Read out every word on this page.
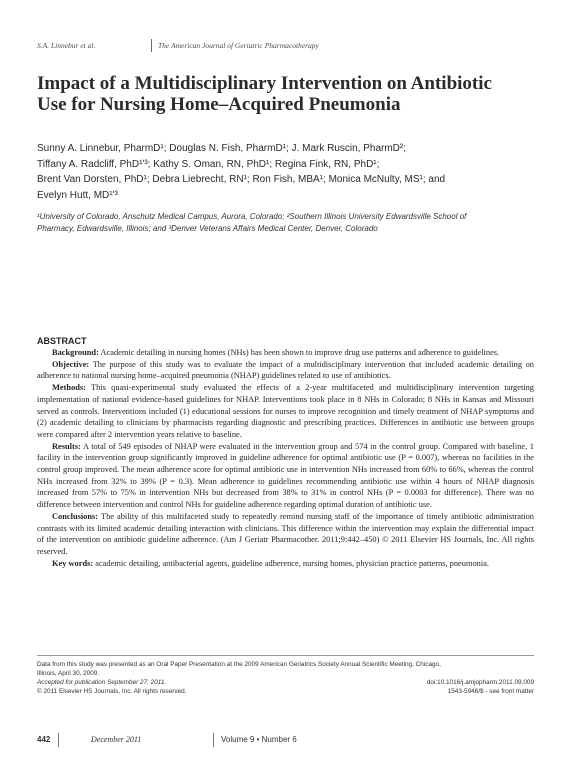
S.A. Linnebur et al.	The American Journal of Geriatric Pharmacotherapy
Impact of a Multidisciplinary Intervention on Antibiotic
Use for Nursing Home–Acquired Pneumonia
Sunny A. Linnebur, PharmD¹; Douglas N. Fish, PharmD¹; J. Mark Ruscin, PharmD²;
Tiffany A. Radcliff, PhD¹ʹ³; Kathy S. Oman, RN, PhD¹; Regina Fink, RN, PhD¹;
Brent Van Dorsten, PhD¹; Debra Liebrecht, RN¹; Ron Fish, MBA¹; Monica McNulty, MS¹; and
Evelyn Hutt, MD¹ʹ³
¹University of Colorado, Anschutz Medical Campus, Aurora, Colorado; ²Southern Illinois University Edwardsville School of
Pharmacy, Edwardsville, Illinois; and ³Denver Veterans Affairs Medical Center, Denver, Colorado
ABSTRACT

Background: Academic detailing in nursing homes (NHs) has been shown to improve drug use patterns and adherence to guidelines.

Objective: The purpose of this study was to evaluate the impact of a multidisciplinary intervention that included academic detailing on adherence to national nursing home–acquired pneumonia (NHAP) guidelines related to use of antibiotics.

Methods: This quasi-experimental study evaluated the effects of a 2-year multifaceted and multidisciplinary intervention targeting implementation of national evidence-based guidelines for NHAP. Interventions took place in 8 NHs in Colorado; 8 NHs in Kansas and Missouri served as controls. Interventions included (1) educational sessions for nurses to improve recognition and timely treatment of NHAP symptoms and (2) academic detailing to clinicians by pharmacists regarding diagnostic and prescribing practices. Differences in antibiotic use between groups were compared after 2 intervention years relative to baseline.

Results: A total of 549 episodes of NHAP were evaluated in the intervention group and 574 in the control group. Compared with baseline, 1 facility in the intervention group significantly improved in guideline adherence for optimal antibiotic use (P = 0.007), whereas no facilities in the control group improved. The mean adherence score for optimal antibiotic use in intervention NHs increased from 60% to 66%, whereas the control NHs increased from 32% to 39% (P = 0.3). Mean adherence to guidelines recommending antibiotic use within 4 hours of NHAP diagnosis increased from 57% to 75% in intervention NHs but decreased from 38% to 31% in control NHs (P = 0.0003 for difference). There was no difference between intervention and control NHs for guideline adherence regarding optimal duration of antibiotic use.

Conclusions: The ability of this multifaceted study to repeatedly remind nursing staff of the importance of timely antibiotic administration contrasts with its limited academic detailing interaction with clinicians. This difference within the intervention may explain the differential impact of the intervention on antibiotic guideline adherence. (Am J Geriatr Pharmacother. 2011;9:442–450) © 2011 Elsevier HS Journals, Inc. All rights reserved.

Key words: academic detailing, antibacterial agents, guideline adherence, nursing homes, physician practice patterns, pneumonia.

Data from this study was presented as an Oral Paper Presentation at the 2009 American Geriatrics Society Annual Scientific Meeting, Chicago,
Illinois, April 30, 2009.
Accepted for publication September 27, 2011.	doi:10.1016/j.amjopharm.2011.09.009
© 2011 Elsevier HS Journals, Inc. All rights reserved.	1543-5946/$ - see front matter
442	December 2011	Volume 9 • Number 6
